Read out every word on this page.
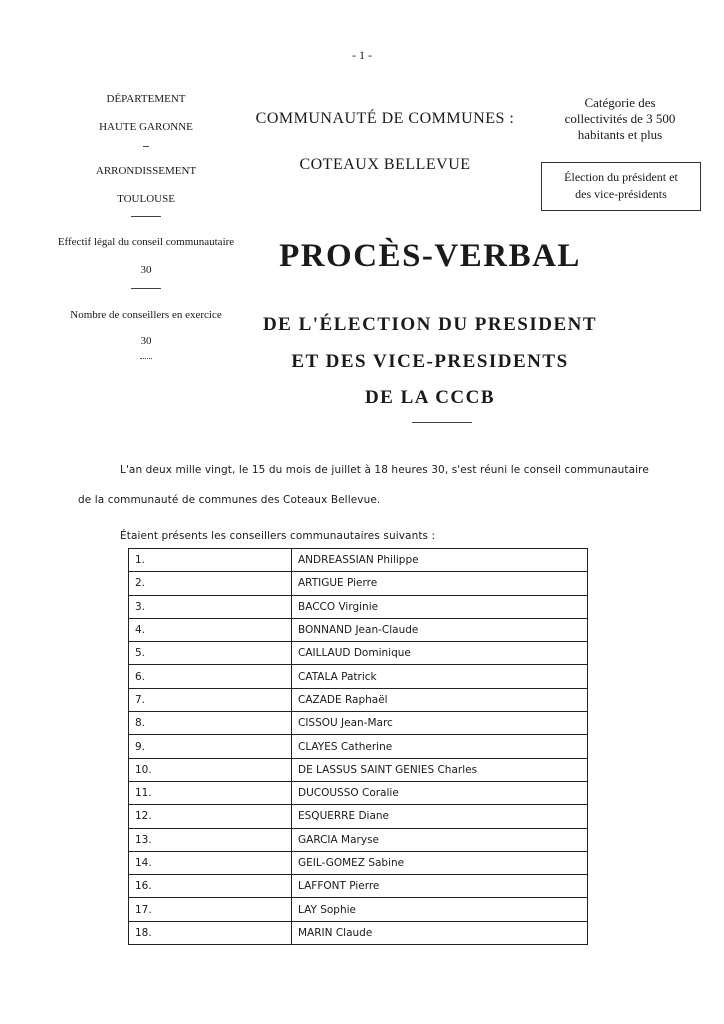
- 1 -
DÉPARTEMENT
HAUTE GARONNE
ARRONDISSEMENT
TOULOUSE
Effectif légal du conseil communautaire
30
Nombre de conseillers en exercice
30
COMMUNAUTÉ DE COMMUNES :
COTEAUX BELLEVUE
Catégorie des
collectivités de 3 500
habitants et plus
Élection du président et
des vice-présidents
PROCÈS-VERBAL
DE L'ÉLECTION DU PRESIDENT
ET DES VICE-PRESIDENTS
DE LA CCCB
L'an deux mille vingt, le 15 du mois de juillet à 18 heures 30, s'est réuni le conseil communautaire
de la communauté de communes des Coteaux Bellevue.
Étaient présents les conseillers communautaires suivants :
1.	ANDREASSIAN Philippe
2.	ARTIGUE Pierre
3.	BACCO Virginie
4.	BONNAND Jean-Claude
5.	CAILLAUD Dominique
6.	CATALA Patrick
7.	CAZADE Raphaël
8.	CISSOU Jean-Marc
9.	CLAYES Catherine
10.	DE LASSUS SAINT GENIES Charles
11.	DUCOUSSO Coralie
12.	ESQUERRE Diane
13.	GARCIA Maryse
14.	GEIL-GOMEZ Sabine
16.	LAFFONT Pierre
17.	LAY Sophie
18.	MARIN Claude
